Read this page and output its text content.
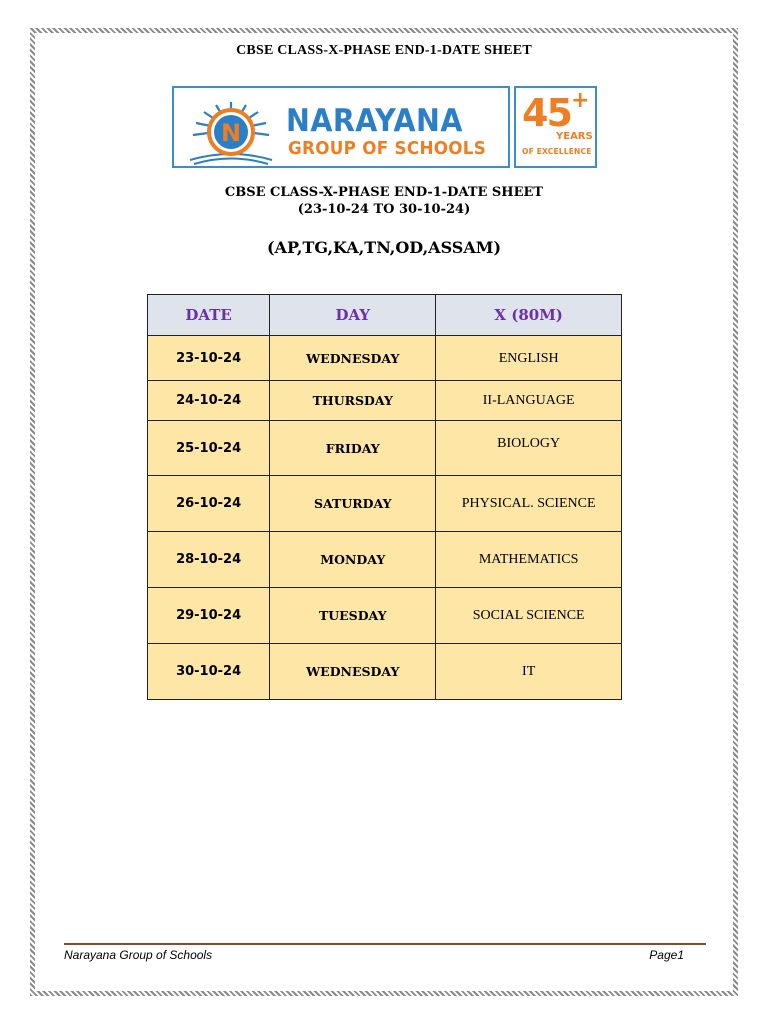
CBSE CLASS-X-PHASE END-1-DATE SHEET
N NARAYANA
GROUP OF SCHOOLS
45 +
YEARS
OF EXCELLENCE
CBSE CLASS-X-PHASE END-1-DATE SHEET
(23-10-24 TO 30-10-24)
(AP,TG,KA,TN,OD,ASSAM)
DATE	DAY	X (80M)
23-10-24	WEDNESDAY	ENGLISH
24-10-24	THURSDAY	II-LANGUAGE
25-10-24	FRIDAY	BIOLOGY
26-10-24	SATURDAY	PHYSICAL. SCIENCE
28-10-24	MONDAY	MATHEMATICS
29-10-24	TUESDAY	SOCIAL SCIENCE
30-10-24	WEDNESDAY	IT
Narayana Group of Schools	Page1
